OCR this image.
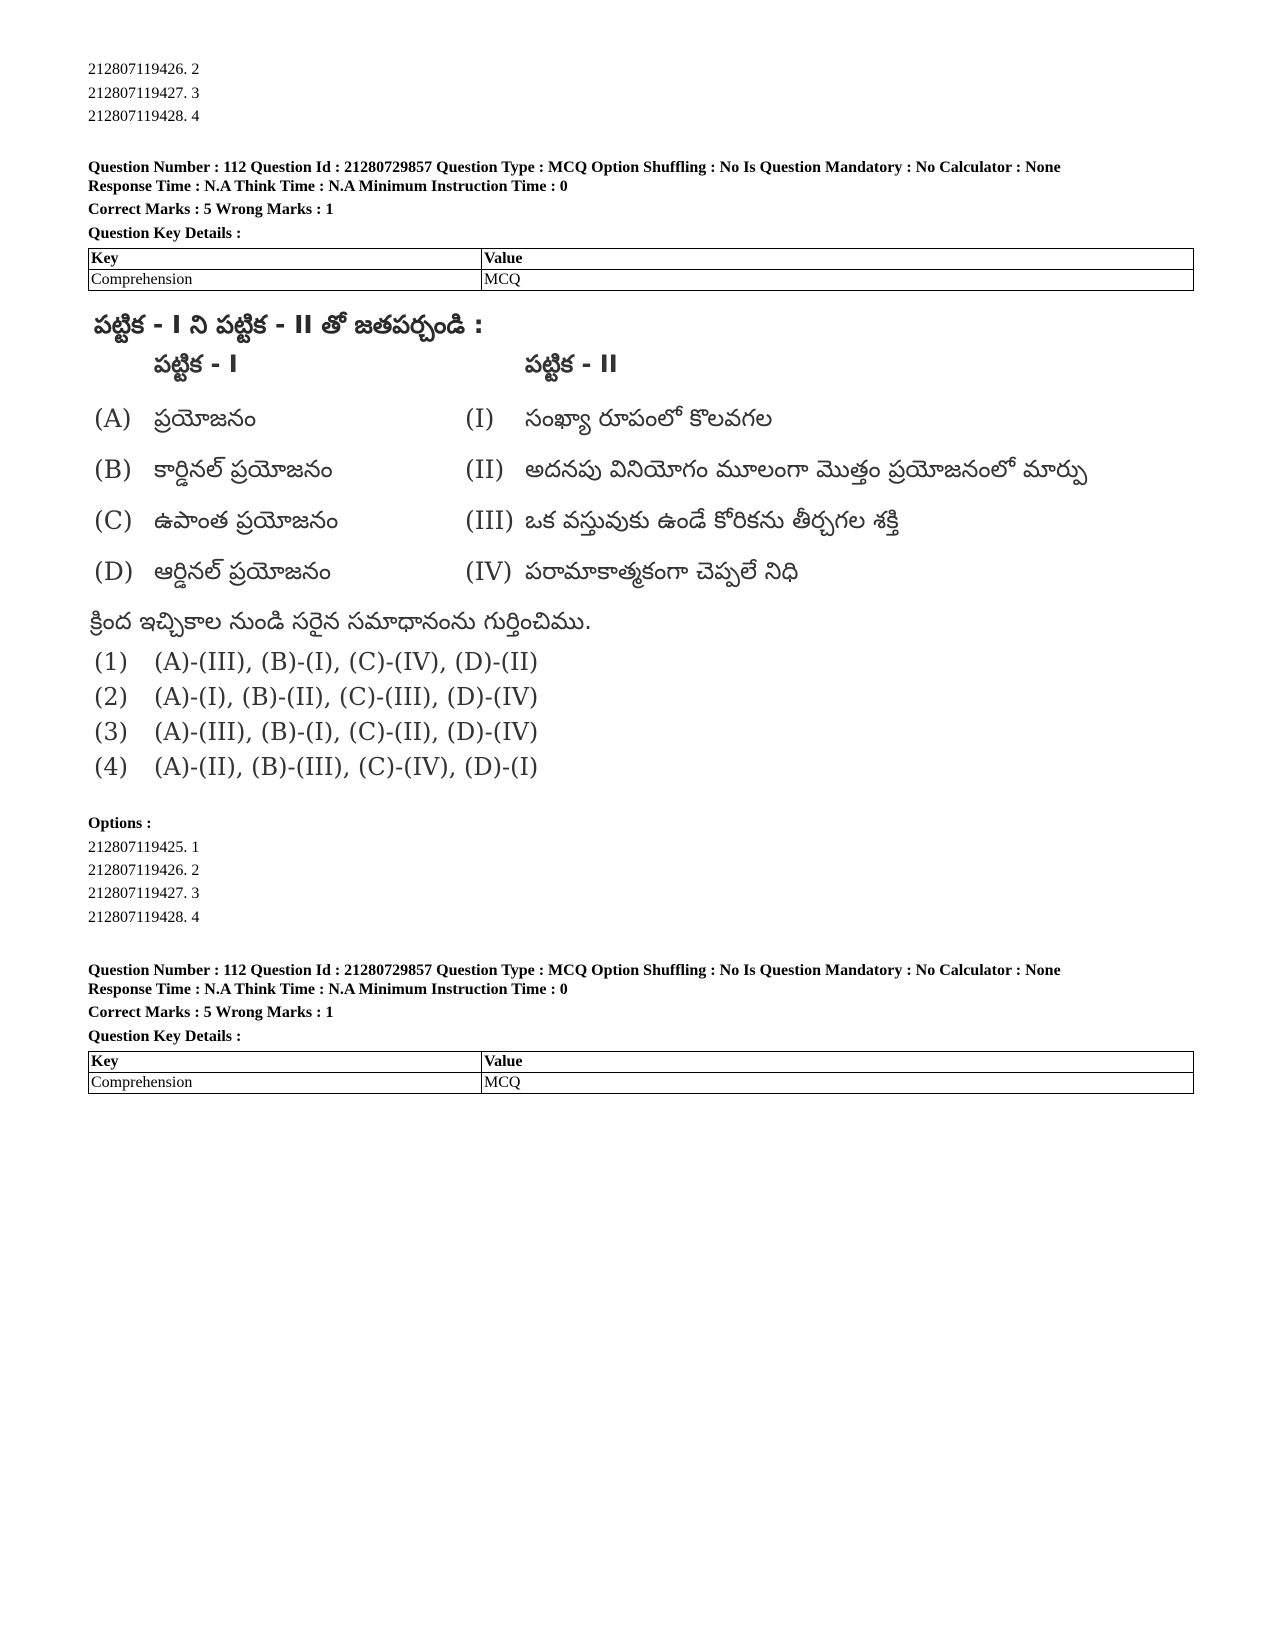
212807119426. 2
212807119427. 3
212807119428. 4
Question Number : 112 Question Id : 21280729857 Question Type : MCQ Option Shuffling : No Is Question Mandatory : No Calculator : None
Response Time : N.A Think Time : N.A Minimum Instruction Time : 0
Correct Marks : 5 Wrong Marks : 1
Question Key Details :
Key	Value
Comprehension	MCQ
పట్టిక - I ని పట్టిక - II తో జతపర్చండి :
పట్టిక - I	పట్టిక - II
(A) ప్రయోజనం	(I) సంఖ్యా రూపంలో కొలవగల
(B) కార్డినల్ ప్రయోజనం	(II) అదనపు వినియోగం మూలంగా మొత్తం ప్రయోజనంలో మార్పు
(C) ఉపాంత ప్రయోజనం	(III) ఒక వస్తువుకు ఉండే కోరికను తీర్చగల శక్తి
(D) ఆర్డినల్ ప్రయోజనం	(IV) పరామాకాత్మకంగా చెప్పలే నిధి
క్రింద ఇచ్చికాల నుండి సరైన సమాధానంను గుర్తించిము.
(1) (A)-(III), (B)-(I), (C)-(IV), (D)-(II)
(2) (A)-(I), (B)-(II), (C)-(III), (D)-(IV)
(3) (A)-(III), (B)-(I), (C)-(II), (D)-(IV)
(4) (A)-(II), (B)-(III), (C)-(IV), (D)-(I)
Options :
212807119425. 1
212807119426. 2
212807119427. 3
212807119428. 4
Question Number : 112 Question Id : 21280729857 Question Type : MCQ Option Shuffling : No Is Question Mandatory : No Calculator : None
Response Time : N.A Think Time : N.A Minimum Instruction Time : 0
Correct Marks : 5 Wrong Marks : 1
Question Key Details :
Key	Value
Comprehension	MCQ
